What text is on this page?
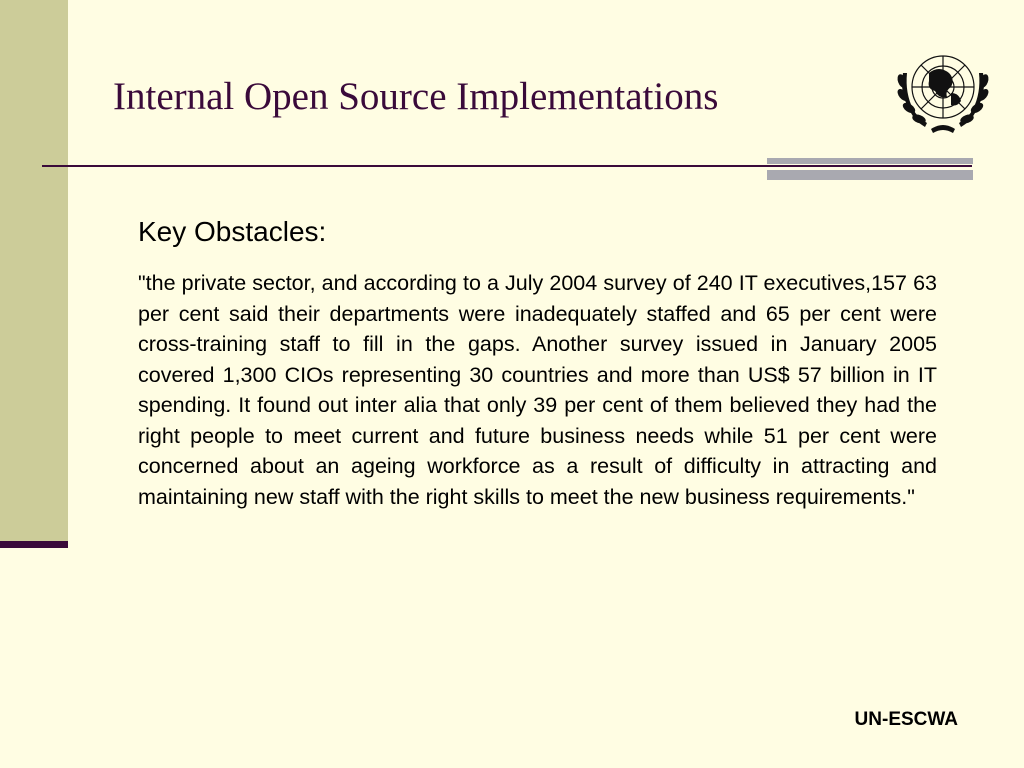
Internal Open Source Implementations
Key Obstacles:

"the private sector, and according to a July 2004 survey of 240 IT executives,157 63 per cent said their departments were inadequately staffed and 65 per cent were cross-training staff to fill in the gaps. Another survey issued in January 2005 covered 1,300 CIOs representing 30 countries and more than US$ 57 billion in IT spending. It found out inter alia that only 39 per cent of them believed they had the right people to meet current and future business needs while 51 per cent were concerned about an ageing workforce as a result of difficulty in attracting and maintaining new staff with the right skills to meet the new business requirements."

UN-ESCWA
